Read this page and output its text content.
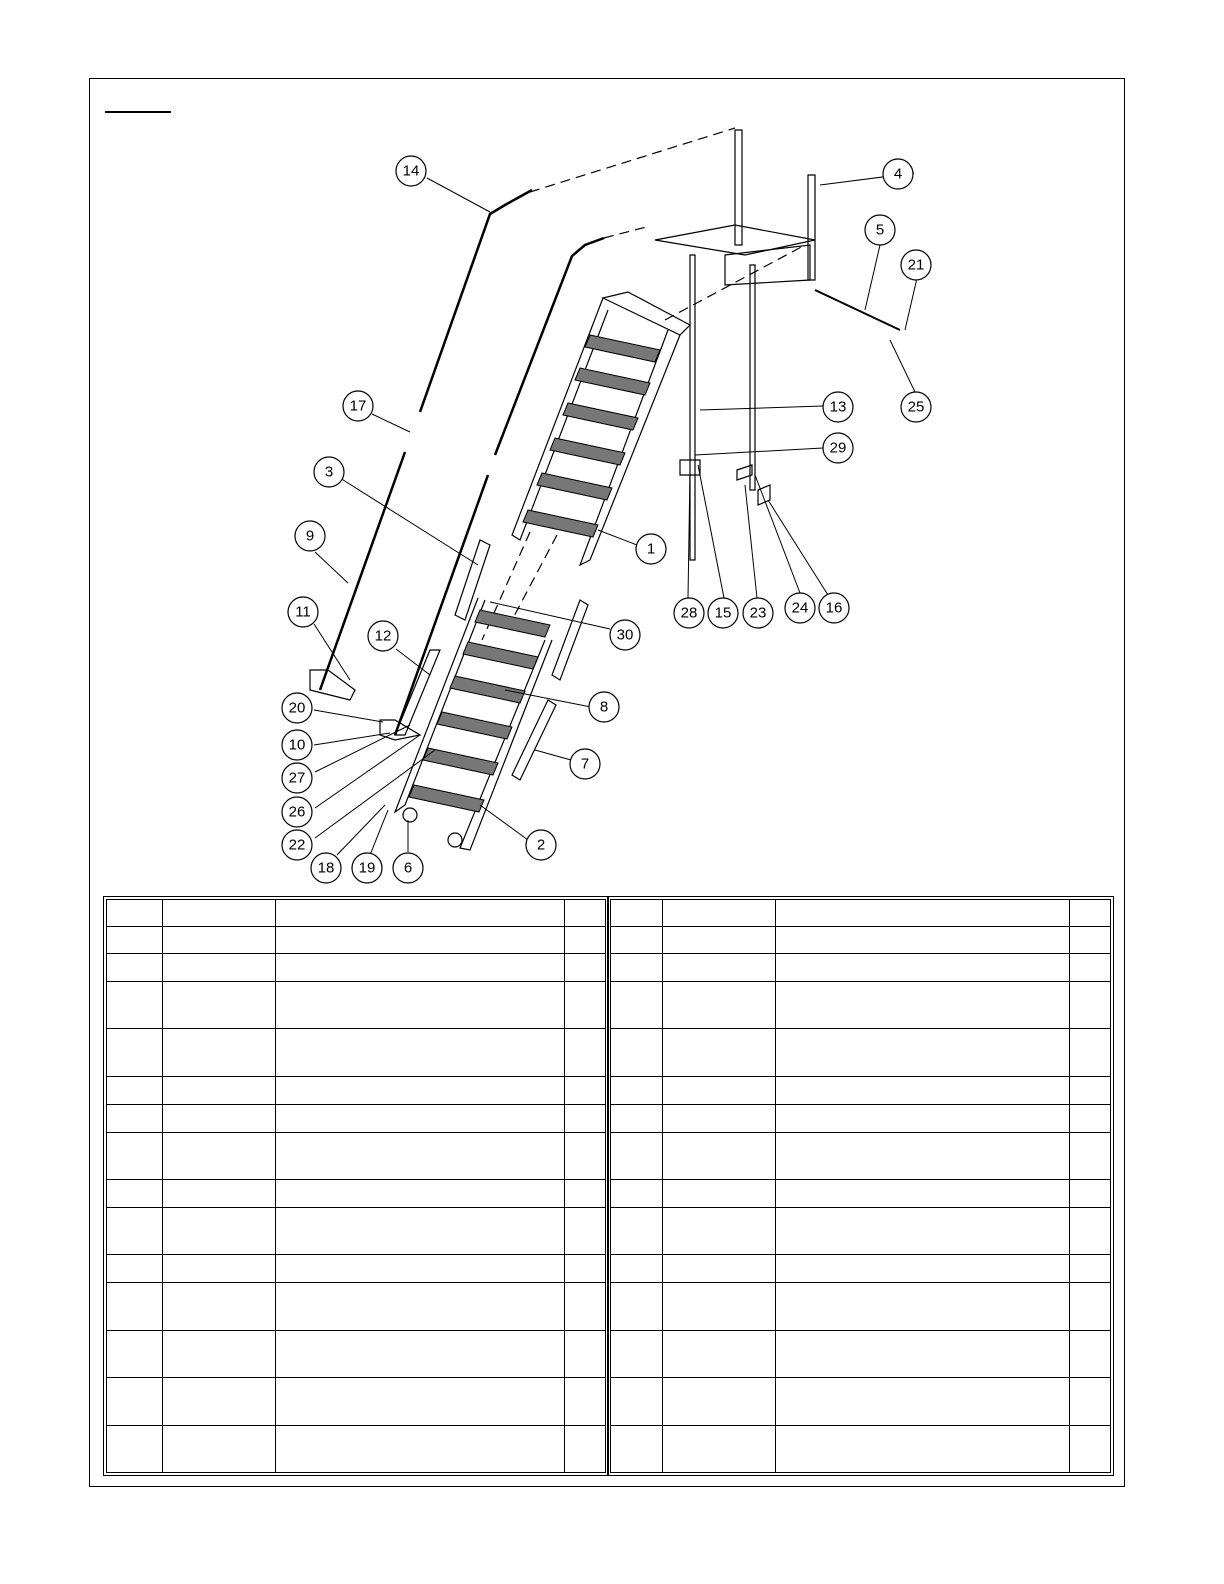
1
2
3
4
5
6
7
8
9
10
11
12
13
14
15	16
17
18 19
20
21
22
23 24
25
26
27
28
29
30
